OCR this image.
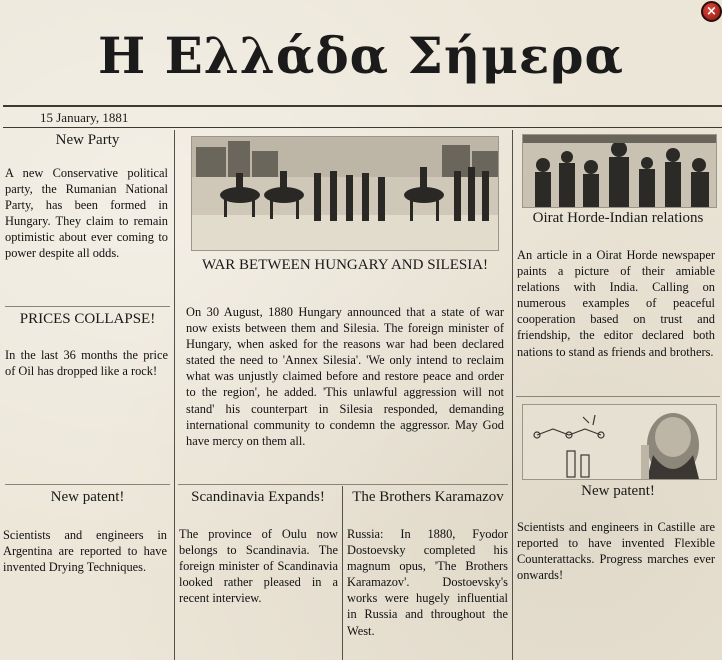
Η Ελλάδα Σήμερα
×
15 January, 1881
New Party
A new Conservative political party, the Rumanian National Party, has been formed in Hungary. They claim to remain optimistic about ever coming to power despite all odds.
PRICES COLLAPSE!
In the last 36 months the price of Oil has dropped like a rock!
New patent!
Scientists and engineers in Argentina are reported to have invented Drying Techniques.
WAR BETWEEN HUNGARY AND SILESIA!
On 30 August, 1880 Hungary announced that a state of war now exists between them and Silesia. The foreign minister of Hungary, when asked for the reasons war had been declared stated the need to 'Annex Silesia'. 'We only intend to reclaim what was unjustly claimed before and restore peace and order to the region', he added. 'This unlawful aggression will not stand' his counterpart in Silesia responded, demanding international community to condemn the aggressor. May God have mercy on them all.
Scandinavia Expands!
The province of Oulu now belongs to Scandinavia. The foreign minister of Scandinavia looked rather pleased in a recent interview.
The Brothers Karamazov
Russia: In 1880, Fyodor Dostoevsky completed his magnum opus, 'The Brothers Karamazov'. Dostoevsky's works were hugely influential in Russia and throughout the West.
Oirat Horde-Indian relations
An article in a Oirat Horde newspaper paints a picture of their amiable relations with India. Calling on numerous examples of peaceful cooperation based on trust and friendship, the editor declared both nations to stand as friends and brothers.
New patent!
Scientists and engineers in Castille are reported to have invented Flexible Counterattacks. Progress marches ever onwards!
